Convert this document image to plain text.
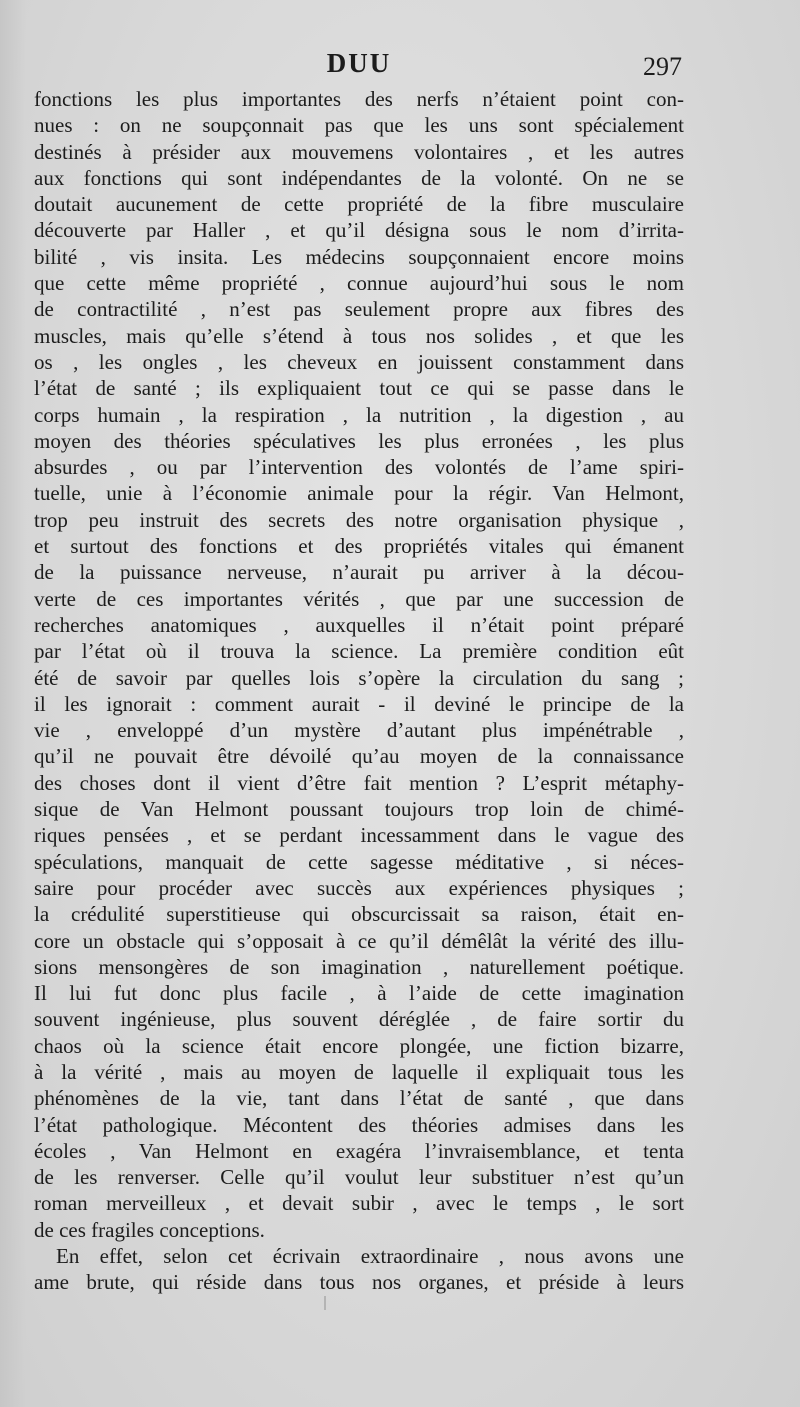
DUU	297
fonctions les plus importantes des nerfs n’étaient point con-
nues : on ne soupçonnait pas que les uns sont spécialement
destinés à présider aux mouvemens volontaires , et les autres
aux fonctions qui sont indépendantes de la volonté. On ne se
doutait aucunement de cette propriété de la fibre musculaire
découverte par Haller , et qu’il désigna sous le nom d’irrita-
bilité , vis insita. Les médecins soupçonnaient encore moins
que cette même propriété , connue aujourd’hui sous le nom
de contractilité , n’est pas seulement propre aux fibres des
muscles, mais qu’elle s’étend à tous nos solides , et que les
os , les ongles , les cheveux en jouissent constamment dans
l’état de santé ; ils expliquaient tout ce qui se passe dans le
corps humain , la respiration , la nutrition , la digestion , au
moyen des théories spéculatives les plus erronées , les plus
absurdes , ou par l’intervention des volontés de l’ame spiri-
tuelle, unie à l’économie animale pour la régir. Van Helmont,
trop peu instruit des secrets des notre organisation physique ,
et surtout des fonctions et des propriétés vitales qui émanent
de la puissance nerveuse, n’aurait pu arriver à la décou-
verte de ces importantes vérités , que par une succession de
recherches anatomiques , auxquelles il n’était point préparé
par l’état où il trouva la science. La première condition eût
été de savoir par quelles lois s’opère la circulation du sang ;
il les ignorait : comment aurait - il deviné le principe de la
vie , enveloppé d’un mystère d’autant plus impénétrable ,
qu’il ne pouvait être dévoilé qu’au moyen de la connaissance
des choses dont il vient d’être fait mention ? L’esprit métaphy-
sique de Van Helmont poussant toujours trop loin de chimé-
riques pensées , et se perdant incessamment dans le vague des
spéculations, manquait de cette sagesse méditative , si néces-
saire pour procéder avec succès aux expériences physiques ;
la crédulité superstitieuse qui obscurcissait sa raison, était en-
core un obstacle qui s’opposait à ce qu’il démêlât la vérité des illu-
sions mensongères de son imagination , naturellement poétique.
Il lui fut donc plus facile , à l’aide de cette imagination
souvent ingénieuse, plus souvent déréglée , de faire sortir du
chaos où la science était encore plongée, une fiction bizarre,
à la vérité , mais au moyen de laquelle il expliquait tous les
phénomènes de la vie, tant dans l’état de santé , que dans
l’état pathologique. Mécontent des théories admises dans les
écoles , Van Helmont en exagéra l’invraisemblance, et tenta
de les renverser. Celle qu’il voulut leur substituer n’est qu’un
roman merveilleux , et devait subir , avec le temps , le sort
de ces fragiles conceptions.
En effet, selon cet écrivain extraordinaire , nous avons une
ame brute, qui réside dans tous nos organes, et préside à leurs
